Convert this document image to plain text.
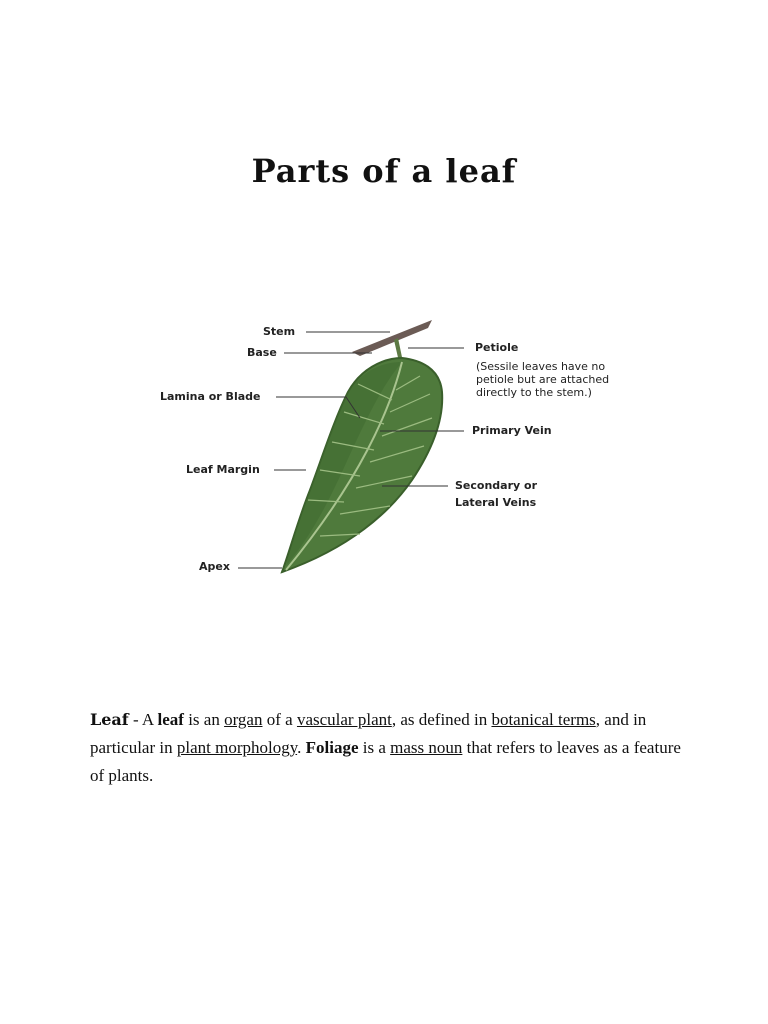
Parts of a leaf
Stem
Base	Petiole
(Sessile leaves have no
petiole but are attached
directly to the stem.)
Lamina or Blade
Primary Vein
Leaf Margin
Secondary or
Lateral Veins
Apex

Leaf - A leaf is an organ of a vascular plant, as defined in botanical terms, and in particular in plant morphology. Foliage is a mass noun that refers to leaves as a feature of plants.
